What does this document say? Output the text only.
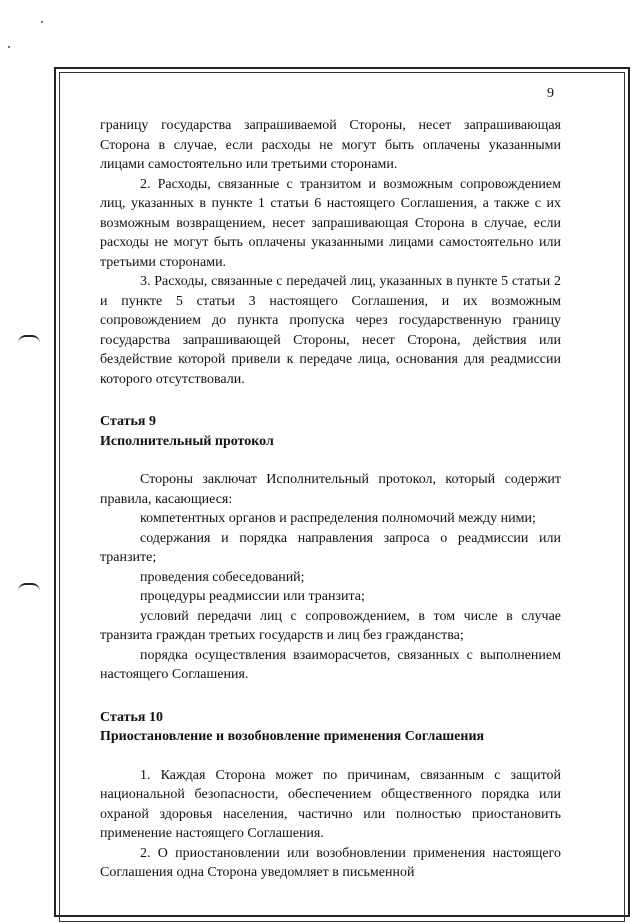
9

границу государства запрашиваемой Стороны, несет запрашивающая Сторона в случае, если расходы не могут быть оплачены указанными лицами самостоятельно или третьими сторонами.

2. Расходы, связанные с транзитом и возможным сопровождением лиц, указанных в пункте 1 статьи 6 настоящего Соглашения, а также с их возможным возвращением, несет запрашивающая Сторона в случае, если расходы не могут быть оплачены указанными лицами самостоятельно или третьими сторонами.

3. Расходы, связанные с передачей лиц, указанных в пункте 5 статьи 2 и пункте 5 статьи 3 настоящего Соглашения, и их возможным сопровождением до пункта пропуска через государственную границу государства запрашивающей Стороны, несет Сторона, действия или бездействие которой привели к передаче лица, основания для реадмиссии которого отсутствовали.

Статья 9

Исполнительный протокол

Стороны заключат Исполнительный протокол, который содержит правила, касающиеся:

компетентных органов и распределения полномочий между ними;

содержания и порядка направления запроса о реадмиссии или транзите;

проведения собеседований;

процедуры реадмиссии или транзита;

условий передачи лиц с сопровождением, в том числе в случае транзита граждан третьих государств и лиц без гражданства;

порядка осуществления взаиморасчетов, связанных с выполнением настоящего Соглашения.

Статья 10

Приостановление и возобновление применения Соглашения

1. Каждая Сторона может по причинам, связанным с защитой национальной безопасности, обеспечением общественного порядка или охраной здоровья населения, частично или полностью приостановить применение настоящего Соглашения.

2. О приостановлении или возобновлении применения настоящего Соглашения одна Сторона уведомляет в письменной
